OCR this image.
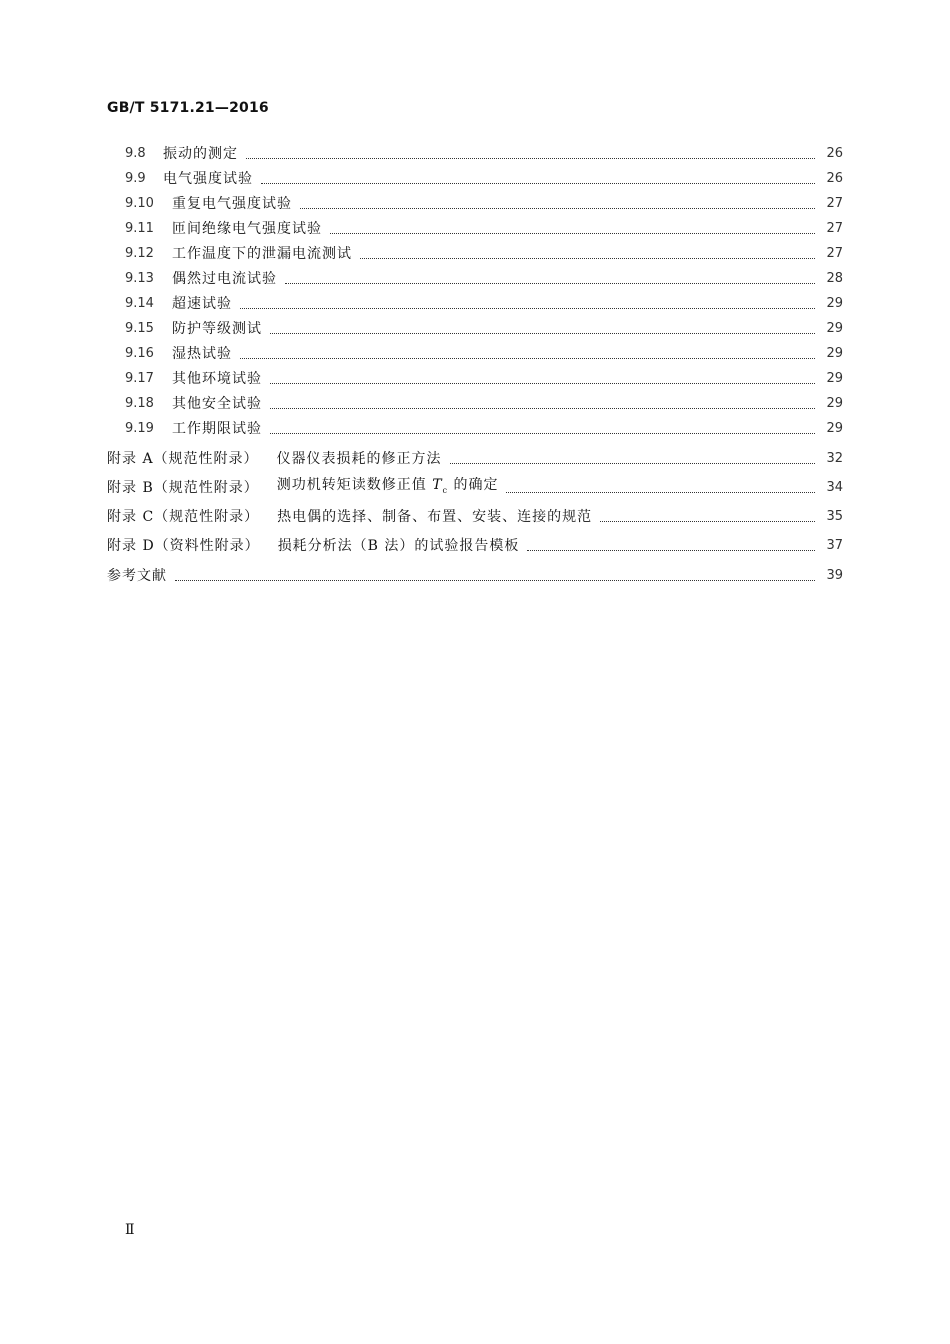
GB/T 5171.21—2016
9.8	振动的测定	26
9.9	电气强度试验	26
9.10	重复电气强度试验	27
9.11	匝间绝缘电气强度试验	27
9.12	工作温度下的泄漏电流测试	27
9.13	偶然过电流试验	28
9.14	超速试验	29
9.15	防护等级测试	29
9.16	湿热试验	29
9.17	其他环境试验	29
9.18	其他安全试验	29
9.19	工作期限试验	29
附录 A（规范性附录） 仪器仪表损耗的修正方法	32
附录 B（规范性附录） 测功机转矩读数修正值 $T_c$ 的确定	34
附录 C（规范性附录） 热电偶的选择、制备、布置、安装、连接的规范	35
附录 D（资料性附录） 损耗分析法（B 法）的试验报告模板	37
参考文献	39
Ⅱ
